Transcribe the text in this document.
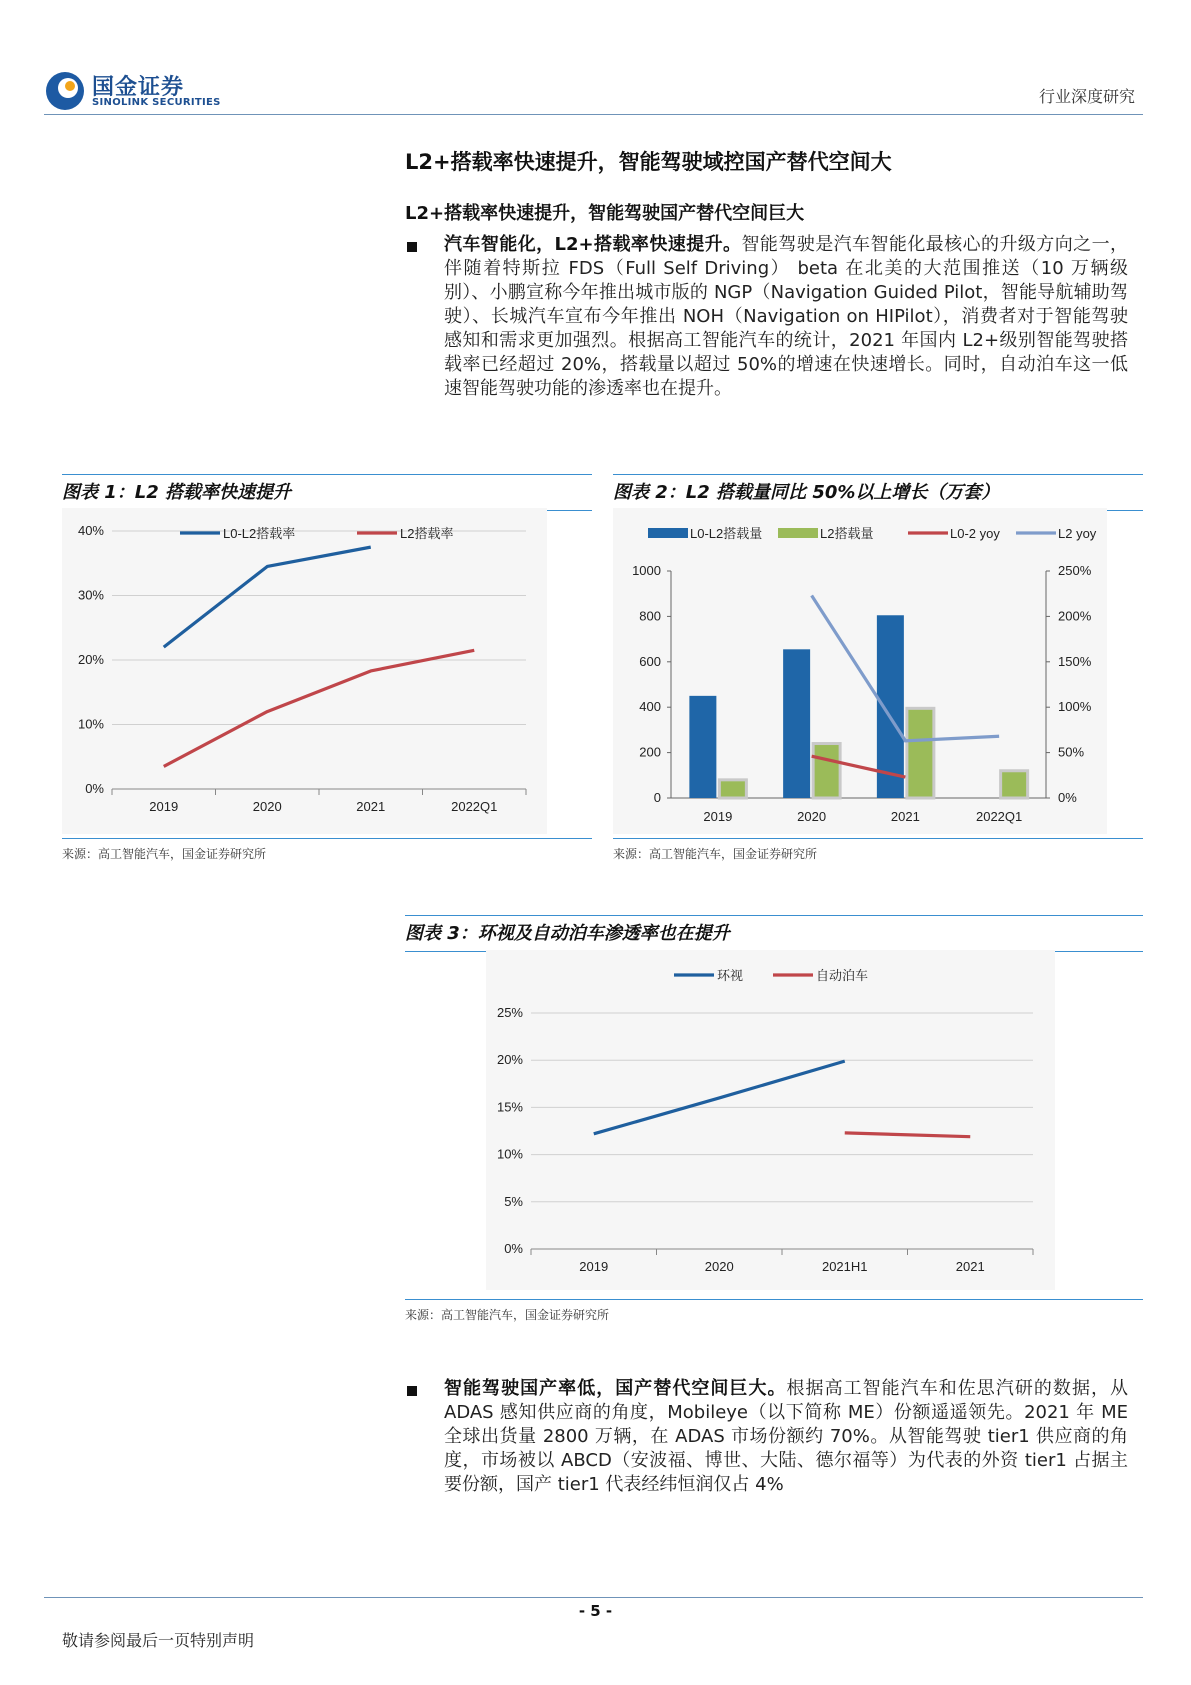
国金证券
SINOLINK SECURITIES	行业深度研究
L2+搭载率快速提升，智能驾驶域控国产替代空间大
L2+搭载率快速提升，智能驾驶国产替代空间巨大
汽车智能化，L2+搭载率快速提升。智能驾驶是汽车智能化最核心的升级方向之一，伴随着特斯拉 FDS（Full Self Driving） beta 在北美的大范围推送（10 万辆级别）、小鹏宣称今年推出城市版的 NGP（Navigation Guided Pilot，智能导航辅助驾驶）、长城汽车宣布今年推出 NOH（Navigation on HIPilot），消费者对于智能驾驶感知和需求更加强烈。根据高工智能汽车的统计，2021 年国内 L2+级别智能驾驶搭载率已经超过 20%，搭载量以超过 50%的增速在快速增长。同时，自动泊车这一低速智能驾驶功能的渗透率也在提升。
图表 1：L2 搭载率快速提升
0%
10%
20%
30%
40%
2019	2020	2021	2022Q1
L0-L2搭载率	L2搭载率
来源：高工智能汽车，国金证券研究所
图表 2：L2 搭载量同比 50%以上增长（万套）
0
200
400
600
800
1000
0%
50%
100%
150%
200%
250%
2019	2020	2021	2022Q1
L0-L2搭载量	L2搭载量	L0-2 yoy	L2 yoy
来源：高工智能汽车，国金证券研究所
图表 3：环视及自动泊车渗透率也在提升
0%
5%
10%
15%
20%
25%
2019	2020	2021H1	2021
环视	自动泊车
来源：高工智能汽车，国金证券研究所
智能驾驶国产率低，国产替代空间巨大。根据高工智能汽车和佐思汽研的数据，从 ADAS 感知供应商的角度，Mobileye（以下简称 ME）份额遥遥领先。2021 年 ME 全球出货量 2800 万辆，在 ADAS 市场份额约 70%。从智能驾驶 tier1 供应商的角度，市场被以 ABCD（安波福、博世、大陆、德尔福等）为代表的外资 tier1 占据主要份额，国产 tier1 代表经纬恒润仅占 4%
- 5 -
敬请参阅最后一页特别声明
